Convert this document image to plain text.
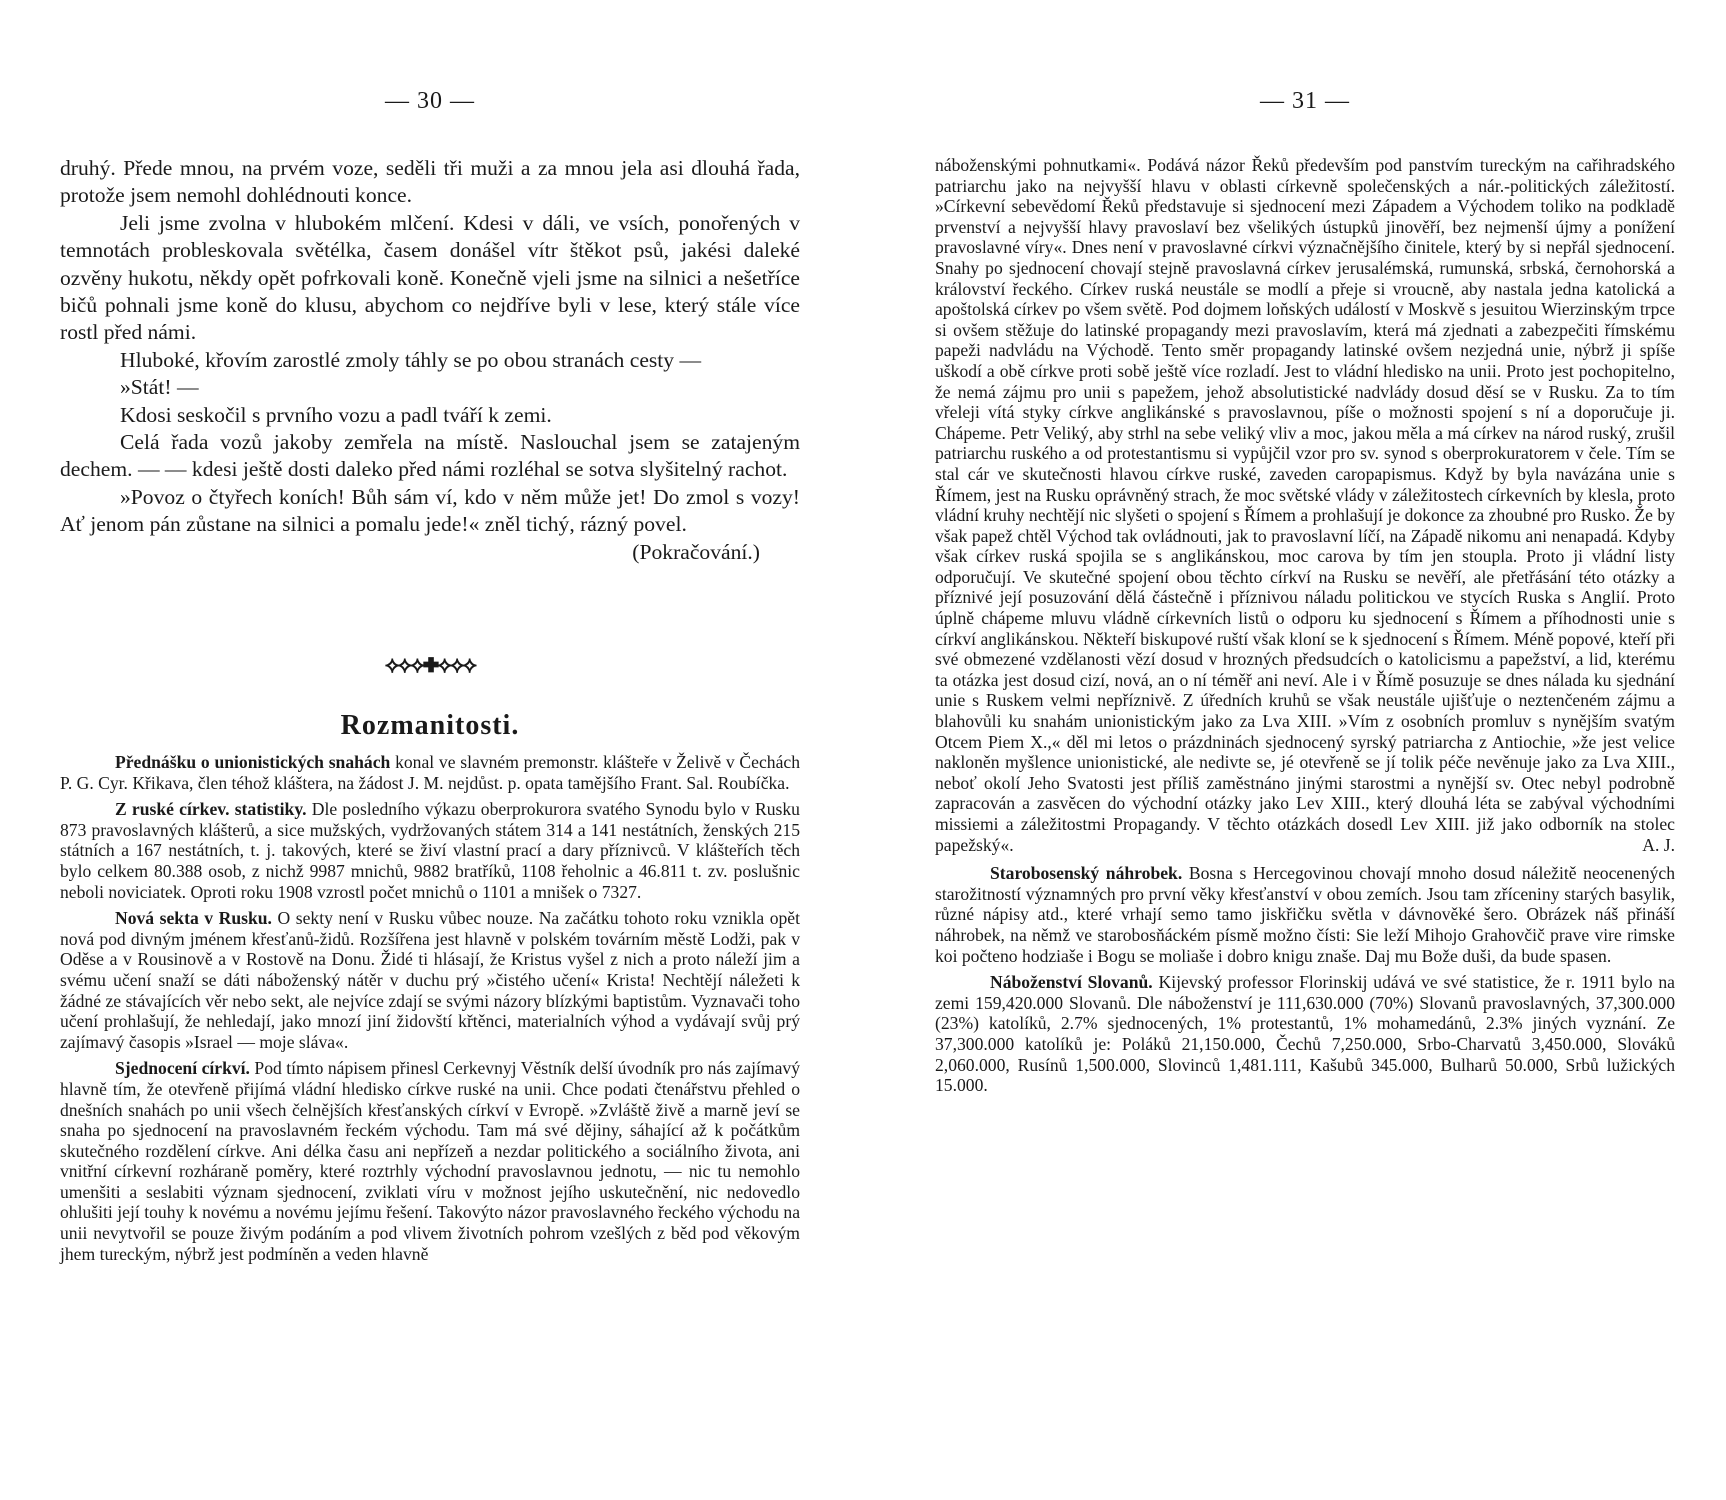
— 30 —

druhý. Přede mnou, na prvém voze, seděli tři muži a za mnou jela asi dlouhá řada, protože jsem nemohl dohlédnouti konce.

Jeli jsme zvolna v hlubokém mlčení. Kdesi v dáli, ve vsích, ponořených v temnotách probleskovala světélka, časem donášel vítr štěkot psů, jakési daleké ozvěny hukotu, někdy opět pofrkovali koně. Konečně vjeli jsme na silnici a nešetříce bičů pohnali jsme koně do klusu, abychom co nejdříve byli v lese, který stále více rostl před námi.

Hluboké, křovím zarostlé zmoly táhly se po obou stranách cesty —

»Stát! —

Kdosi seskočil s prvního vozu a padl tváří k zemi.

Celá řada vozů jakoby zemřela na místě. Naslouchal jsem se zatajeným dechem. — — kdesi ještě dosti daleko před námi rozléhal se sotva slyšitelný rachot.

»Povoz o čtyřech koních! Bůh sám ví, kdo v něm může jet! Do zmol s vozy! Ať jenom pán zůstane na silnici a pomalu jede!« zněl tichý, rázný povel.

(Pokračování.)
⟡⟡⟡✚⟡⟡⟡
Rozmanitosti.

Přednášku o unionistických snahách konal ve slavném premonstr. klášteře v Želivě v Čechách P. G. Cyr. Křikava, člen téhož kláštera, na žádost J. M. nejdůst. p. opata tamějšího Frant. Sal. Roubíčka.

Z ruské církev. statistiky. Dle posledního výkazu oberprokurora svatého Synodu bylo v Rusku 873 pravoslavných klášterů, a sice mužských, vydržovaných státem 314 a 141 nestátních, ženských 215 státních a 167 nestátních, t. j. takových, které se živí vlastní prací a dary příznivců. V klášteřích těch bylo celkem 80.388 osob, z nichž 9987 mnichů, 9882 bratříků, 1108 řeholnic a 46.811 t. zv. poslušnic neboli noviciatek. Oproti roku 1908 vzrostl počet mnichů o 1101 a mnišek o 7327.

Nová sekta v Rusku. O sekty není v Rusku vůbec nouze. Na začátku tohoto roku vznikla opět nová pod divným jménem křesťanů-židů. Rozšířena jest hlavně v polském továrním městě Lodži, pak v Oděse a v Rousinově a v Rostově na Donu. Židé ti hlásají, že Kristus vyšel z nich a proto náleží jim a svému učení snaží se dáti náboženský nátěr v duchu prý »čistého učení« Krista! Nechtějí náležeti k žádné ze stávajících věr nebo sekt, ale nejvíce zdají se svými názory blízkými baptistům. Vyznavači toho učení prohlašují, že nehledají, jako mnozí jiní židovští křtěnci, materialních výhod a vydávají svůj prý zajímavý časopis »Israel — moje sláva«.

Sjednocení církví. Pod tímto nápisem přinesl Cerkevnyj Věstník delší úvodník pro nás zajímavý hlavně tím, že otevřeně přijímá vládní hledisko církve ruské na unii. Chce podati čtenářstvu přehled o dnešních snahách po unii všech čelnějších křesťanských církví v Evropě. »Zvláště živě a marně jeví se snaha po sjednocení na pravoslavném řeckém východu. Tam má své dějiny, sáhající až k počátkům skutečného rozdělení církve. Ani délka času ani nepřízeň a nezdar politického a sociálního života, ani vnitřní církevní rozháraně poměry, které roztrhly východní pravoslavnou jednotu, — nic tu nemohlo umenšiti a seslabiti význam sjednocení, zviklati víru v možnost jejího uskutečnění, nic nedovedlo ohlušiti její touhy k novému a novému jejímu řešení. Takovýto názor pravoslavného řeckého východu na unii nevytvořil se pouze živým podáním a pod vlivem životních pohrom vzešlých z běd pod věkovým jhem tureckým, nýbrž jest podmíněn a veden hlavně

— 31 —

náboženskými pohnutkami«. Podává názor Řeků především pod panstvím tureckým na cařihradského patriarchu jako na nejvyšší hlavu v oblasti církevně společenských a nár.-politických záležitostí. »Církevní sebevědomí Řeků představuje si sjednocení mezi Západem a Východem toliko na podkladě prvenství a nejvyšší hlavy pravoslaví bez všelikých ústupků jinověří, bez nejmenší újmy a ponížení pravoslavné víry«. Dnes není v pravoslavné církvi význačnějšího činitele, který by si nepřál sjednocení. Snahy po sjednocení chovají stejně pravoslavná církev jerusalémská, rumunská, srbská, černohorská a království řeckého. Církev ruská neustále se modlí a přeje si vroucně, aby nastala jedna katolická a apoštolská církev po všem světě. Pod dojmem loňských událostí v Moskvě s jesuitou Wierzinským trpce si ovšem stěžuje do latinské propagandy mezi pravoslavím, která má zjednati a zabezpečiti římskému papeži nadvládu na Východě. Tento směr propagandy latinské ovšem nezjedná unie, nýbrž ji spíše uškodí a obě církve proti sobě ještě více rozladí. Jest to vládní hledisko na unii. Proto jest pochopitelno, že nemá zájmu pro unii s papežem, jehož absolutistické nadvlády dosud děsí se v Rusku. Za to tím vřeleji vítá styky církve anglikánské s pravoslavnou, píše o možnosti spojení s ní a doporučuje ji. Chápeme. Petr Veliký, aby strhl na sebe veliký vliv a moc, jakou měla a má církev na národ ruský, zrušil patriarchu ruského a od protestantismu si vypůjčil vzor pro sv. synod s oberprokuratorem v čele. Tím se stal cár ve skutečnosti hlavou církve ruské, zaveden caropapismus. Když by byla navázána unie s Římem, jest na Rusku oprávněný strach, že moc světské vlády v záležitostech církevních by klesla, proto vládní kruhy nechtějí nic slyšeti o spojení s Římem a prohlašují je dokonce za zhoubné pro Rusko. Že by však papež chtěl Východ tak ovládnouti, jak to pravoslavní líčí, na Západě nikomu ani nenapadá. Kdyby však církev ruská spojila se s anglikánskou, moc carova by tím jen stoupla. Proto ji vládní listy odporučují. Ve skutečné spojení obou těchto církví na Rusku se nevěří, ale přetřásání této otázky a příznivé její posuzování dělá částečně i příznivou náladu politickou ve stycích Ruska s Anglií. Proto úplně chápeme mluvu vládně církevních listů o odporu ku sjednocení s Římem a příhodnosti unie s církví anglikánskou. Někteří biskupové ruští však kloní se k sjednocení s Římem. Méně popové, kteří při své obmezené vzdělanosti vězí dosud v hrozných předsudcích o katolicismu a papežství, a lid, kterému ta otázka jest dosud cizí, nová, an o ní téměř ani neví. Ale i v Římě posuzuje se dnes nálada ku sjednání unie s Ruskem velmi nepříznivě. Z úředních kruhů se však neustále ujišťuje o neztenčeném zájmu a blahovůli ku snahám unionistickým jako za Lva XIII. »Vím z osobních promluv s nynějším svatým Otcem Piem X.,« děl mi letos o prázdninách sjednocený syrský patriarcha z Antiochie, »že jest velice nakloněn myšlence unionistické, ale nedivte se, jé otevřeně se jí tolik péče nevěnuje jako za Lva XIII., neboť okolí Jeho Svatosti jest příliš zaměstnáno jinými starostmi a nynější sv. Otec nebyl podrobně zapracován a zasvěcen do východní otázky jako Lev XIII., který dlouhá léta se zabýval východními missiemi a záležitostmi Propagandy. V těchto otázkách dosedl Lev XIII. již jako odborník na stolec papežský«.	A. J.

Starobosenský náhrobek. Bosna s Hercegovinou chovají mnoho dosud náležitě neocenených starožitností významných pro první věky křesťanství v obou zemích. Jsou tam zříceniny starých basylik, různé nápisy atd., které vrhají semo tamo jiskřičku světla v dávnověké šero. Obrázek náš přináší náhrobek, na němž ve starobosňáckém písmě možno čísti: Sie leží Mihojo Grahovčič prave vire rimske koi počteno hodziaše i Bogu se moliaše i dobro knigu znaše. Daj mu Bože duši, da bude spasen.

Náboženství Slovanů. Kijevský professor Florinskij udává ve své statistice, že r. 1911 bylo na zemi 159,420.000 Slovanů. Dle náboženství je 111,630.000 (70%) Slovanů pravoslavných, 37,300.000 (23%) katolíků, 2.7% sjednocených, 1% protestantů, 1% mohamedánů, 2.3% jiných vyznání. Ze 37,300.000 katolíků je: Poláků 21,150.000, Čechů 7,250.000, Srbo-Charvatů 3,450.000, Slováků 2,060.000, Rusínů 1,500.000, Slovinců 1,481.111, Kašubů 345.000, Bulharů 50.000, Srbů lužických 15.000.
